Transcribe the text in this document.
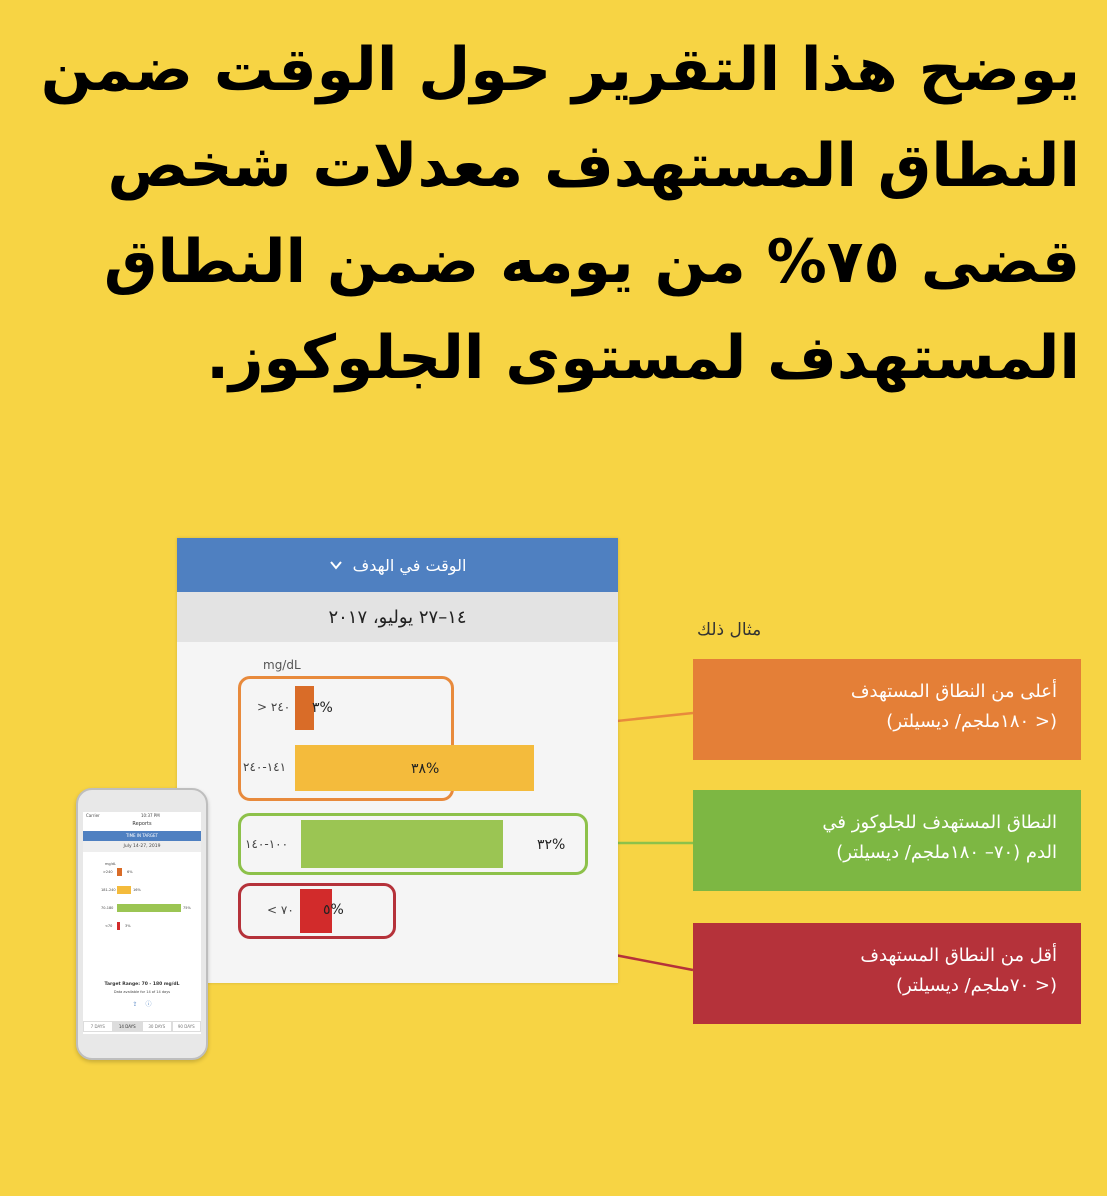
يوضح هذا التقرير حول الوقت ضمن
النطاق المستهدف معدلات شخص
قضى ٧٥% من يومه ضمن النطاق
المستهدف لمستوى الجلوكوز.
الوقت في الهدف
١٤–٢٧ يوليو، ٢٠١٧
mg/dL
> ٢٤٠ ٣%
١٤١-٢٤٠	٣٨%
١٠٠-١٤٠	٣٢%
< ٧٠ ٥%
مثال ذلك
أعلى من النطاق المستهدف
(< ١٨٠ملجم/ ديسيلتر)
النطاق المستهدف للجلوكوز في
الدم (٧٠– ١٨٠ملجم/ ديسيلتر)
أقل من النطاق المستهدف
(< ٧٠ملجم/ ديسيلتر)
Carrier	10:37 PM
Reports
TIME IN TARGET
July 14-27, 2019
mg/dL
>240	6%
181-240	16%
70-180	75%
<70	3%
Target Range: 70 - 180 mg/dL
Data available for 14 of 14 days
⇪ ⓘ
7 DAYS	14 DAYS	30 DAYS	90 DAYS
